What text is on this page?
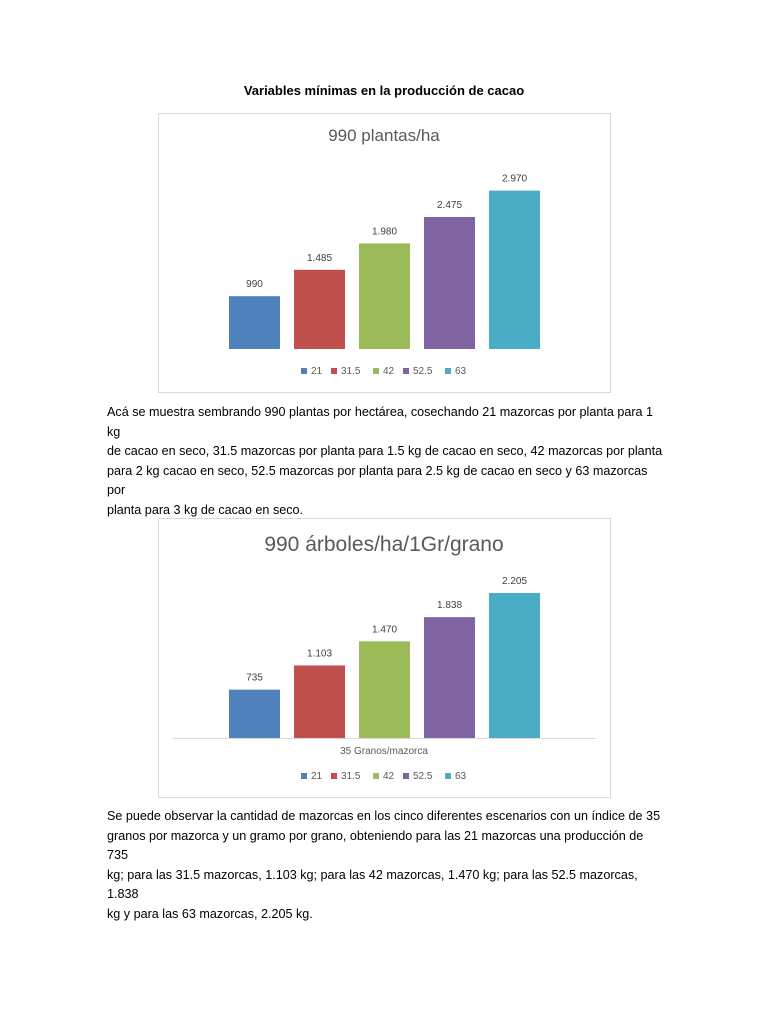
Variables mínimas en la producción de cacao
990 plantas/ha
990
1.485
1.980
2.475
2.970
21 31.5 42 52.5 63
Acá se muestra sembrando 990 plantas por hectárea, cosechando 21 mazorcas por planta para 1 kg
de cacao en seco, 31.5 mazorcas por planta para 1.5 kg de cacao en seco, 42 mazorcas por planta
para 2 kg cacao en seco, 52.5 mazorcas por planta para 2.5 kg de cacao en seco y 63 mazorcas por
planta para 3 kg de cacao en seco.
990 árboles/ha/1Gr/grano
735
1.103
1.470
1.838
2.205
35 Granos/mazorca
21 31.5 42 52.5 63
Se puede observar la cantidad de mazorcas en los cinco diferentes escenarios con un índice de 35
granos por mazorca y un gramo por grano, obteniendo para las 21 mazorcas una producción de 735
kg; para las 31.5 mazorcas, 1.103 kg; para las 42 mazorcas, 1.470 kg; para las 52.5 mazorcas, 1.838
kg y para las 63 mazorcas, 2.205 kg.
